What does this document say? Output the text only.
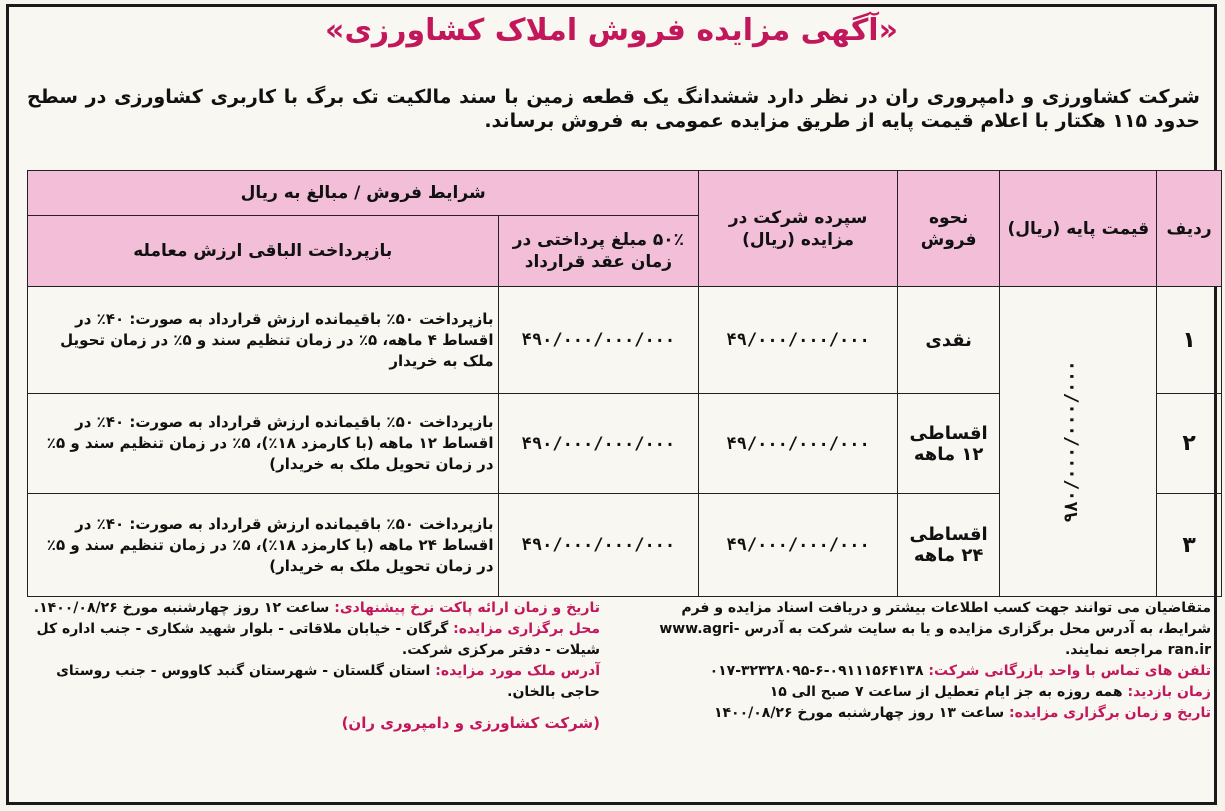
«آگهی مزایده فروش املاک کشاورزی»
شرکت کشاورزی و دامپروری ران در نظر دارد ششدانگ یک قطعه زمین با سند مالکیت تک برگ با کاربری کشاورزی در سطح حدود ۱۱۵ هکتار با اعلام قیمت پایه از طریق مزایده عمومی به فروش برساند.
ردیف	قیمت پایه (ریال)	نحوه فروش	سپرده شرکت در مزایده (ریال)	شرایط فروش / مبالغ به ریال	
				۵۰٪ مبلغ پرداختی در زمان عقد قرارداد	بازپرداخت الباقی ارزش معامله
۱	۹۸۰/۰۰۰/۰۰۰/۰۰۰	نقدی	۴۹/۰۰۰/۰۰۰/۰۰۰	۴۹۰/۰۰۰/۰۰۰/۰۰۰	بازپرداخت ۵۰٪ باقیمانده ارزش قرارداد به صورت: ۴۰٪ در اقساط ۴ ماهه، ۵٪ در زمان تنظیم سند و ۵٪ در زمان تحویل ملک به خریدار
۲		اقساطی ۱۲ ماهه	۴۹/۰۰۰/۰۰۰/۰۰۰	۴۹۰/۰۰۰/۰۰۰/۰۰۰	بازپرداخت ۵۰٪ باقیمانده ارزش قرارداد به صورت: ۴۰٪ در اقساط ۱۲ ماهه (با کارمزد ۱۸٪)، ۵٪ در زمان تنظیم سند و ۵٪ در زمان تحویل ملک به خریدار)
۳		اقساطی ۲۴ ماهه	۴۹/۰۰۰/۰۰۰/۰۰۰	۴۹۰/۰۰۰/۰۰۰/۰۰۰	بازپرداخت ۵۰٪ باقیمانده ارزش قرارداد به صورت: ۴۰٪ در اقساط ۲۴ ماهه (با کارمزد ۱۸٪)، ۵٪ در زمان تنظیم سند و ۵٪ در زمان تحویل ملک به خریدار)
متقاضیان می توانند جهت کسب اطلاعات بیشتر و دریافت اسناد مزایده و فرم شرایط، به آدرس محل برگزاری مزایده و یا به سایت شرکت به آدرس www.agri-ran.ir مراجعه نمایند.
تلفن های تماس با واحد بازرگانی شرکت: ۰۱۷-۳۲۳۲۸۰۹۵-۶-۰۹۱۱۱۵۶۴۱۳۸
زمان بازدید: همه روزه به جز ایام تعطیل از ساعت ۷ صبح الی ۱۵
تاریخ و زمان برگزاری مزایده: ساعت ۱۳ روز چهارشنبه مورخ ۱۴۰۰/۰۸/۲۶
تاریخ و زمان ارائه پاکت نرخ پیشنهادی: ساعت ۱۲ روز چهارشنبه مورخ ۱۴۰۰/۰۸/۲۶.
محل برگزاری مزایده: گرگان - خیابان ملاقاتی - بلوار شهید شکاری - جنب اداره کل شیلات - دفتر مرکزی شرکت.
آدرس ملک مورد مزایده: استان گلستان - شهرستان گنبد کاووس - جنب روستای حاجی بالخان.
(شرکت کشاورزی و دامپروری ران)
